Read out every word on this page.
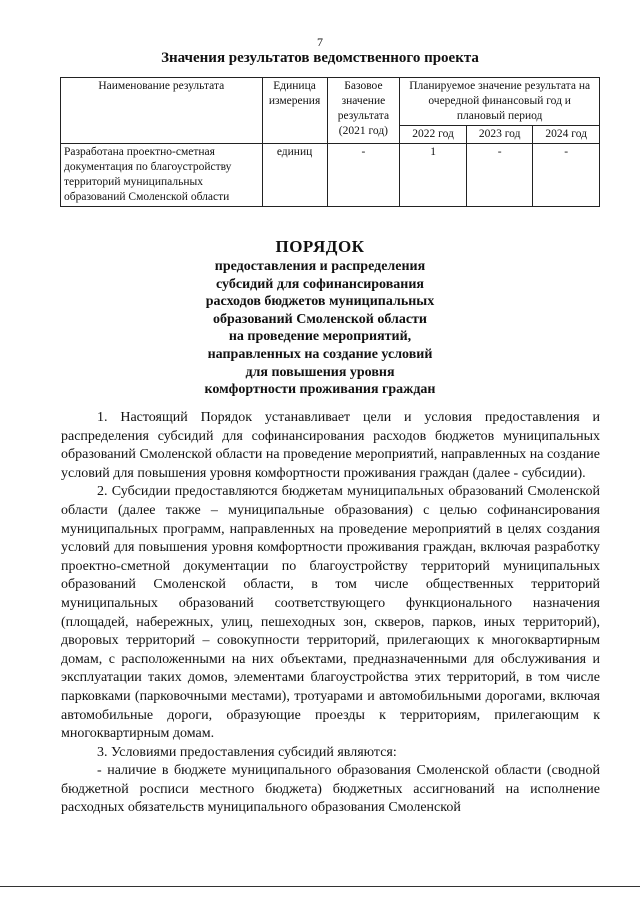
7
Значения результатов ведомственного проекта
Наименование результата	Единица измерения	Базовое значение результата (2021 год)	Планируемое значение результата на очередной финансовый год и плановый период		
			2022 год	2023 год	2024 год
Разработана проектно-сметная документация по благоустройству территорий муниципальных образований Смоленской области	единиц	-	1	-	-
ПОРЯДОК
предоставления и распределения
субсидий для софинансирования
расходов бюджетов муниципальных
образований Смоленской области
на проведение мероприятий,
направленных на создание условий
для повышения уровня
комфортности проживания граждан

1. Настоящий Порядок устанавливает цели и условия предоставления и распределения субсидий для софинансирования расходов бюджетов муниципальных образований Смоленской области на проведение мероприятий, направленных на создание условий для повышения уровня комфортности проживания граждан (далее - субсидии).

2. Субсидии предоставляются бюджетам муниципальных образований Смоленской области (далее также – муниципальные образования) с целью софинансирования муниципальных программ, направленных на проведение мероприятий в целях создания условий для повышения уровня комфортности проживания граждан, включая разработку проектно-сметной документации по благоустройству территорий муниципальных образований Смоленской области, в том числе общественных территорий муниципальных образований соответствующего функционального назначения (площадей, набережных, улиц, пешеходных зон, скверов, парков, иных территорий), дворовых территорий – совокупности территорий, прилегающих к многоквартирным домам, с расположенными на них объектами, предназначенными для обслуживания и эксплуатации таких домов, элементами благоустройства этих территорий, в том числе парковками (парковочными местами), тротуарами и автомобильными дорогами, включая автомобильные дороги, образующие проезды к территориям, прилегающим к многоквартирным домам.

3. Условиями предоставления субсидий являются:

- наличие в бюджете муниципального образования Смоленской области (сводной бюджетной росписи местного бюджета) бюджетных ассигнований на исполнение расходных обязательств муниципального образования Смоленской
